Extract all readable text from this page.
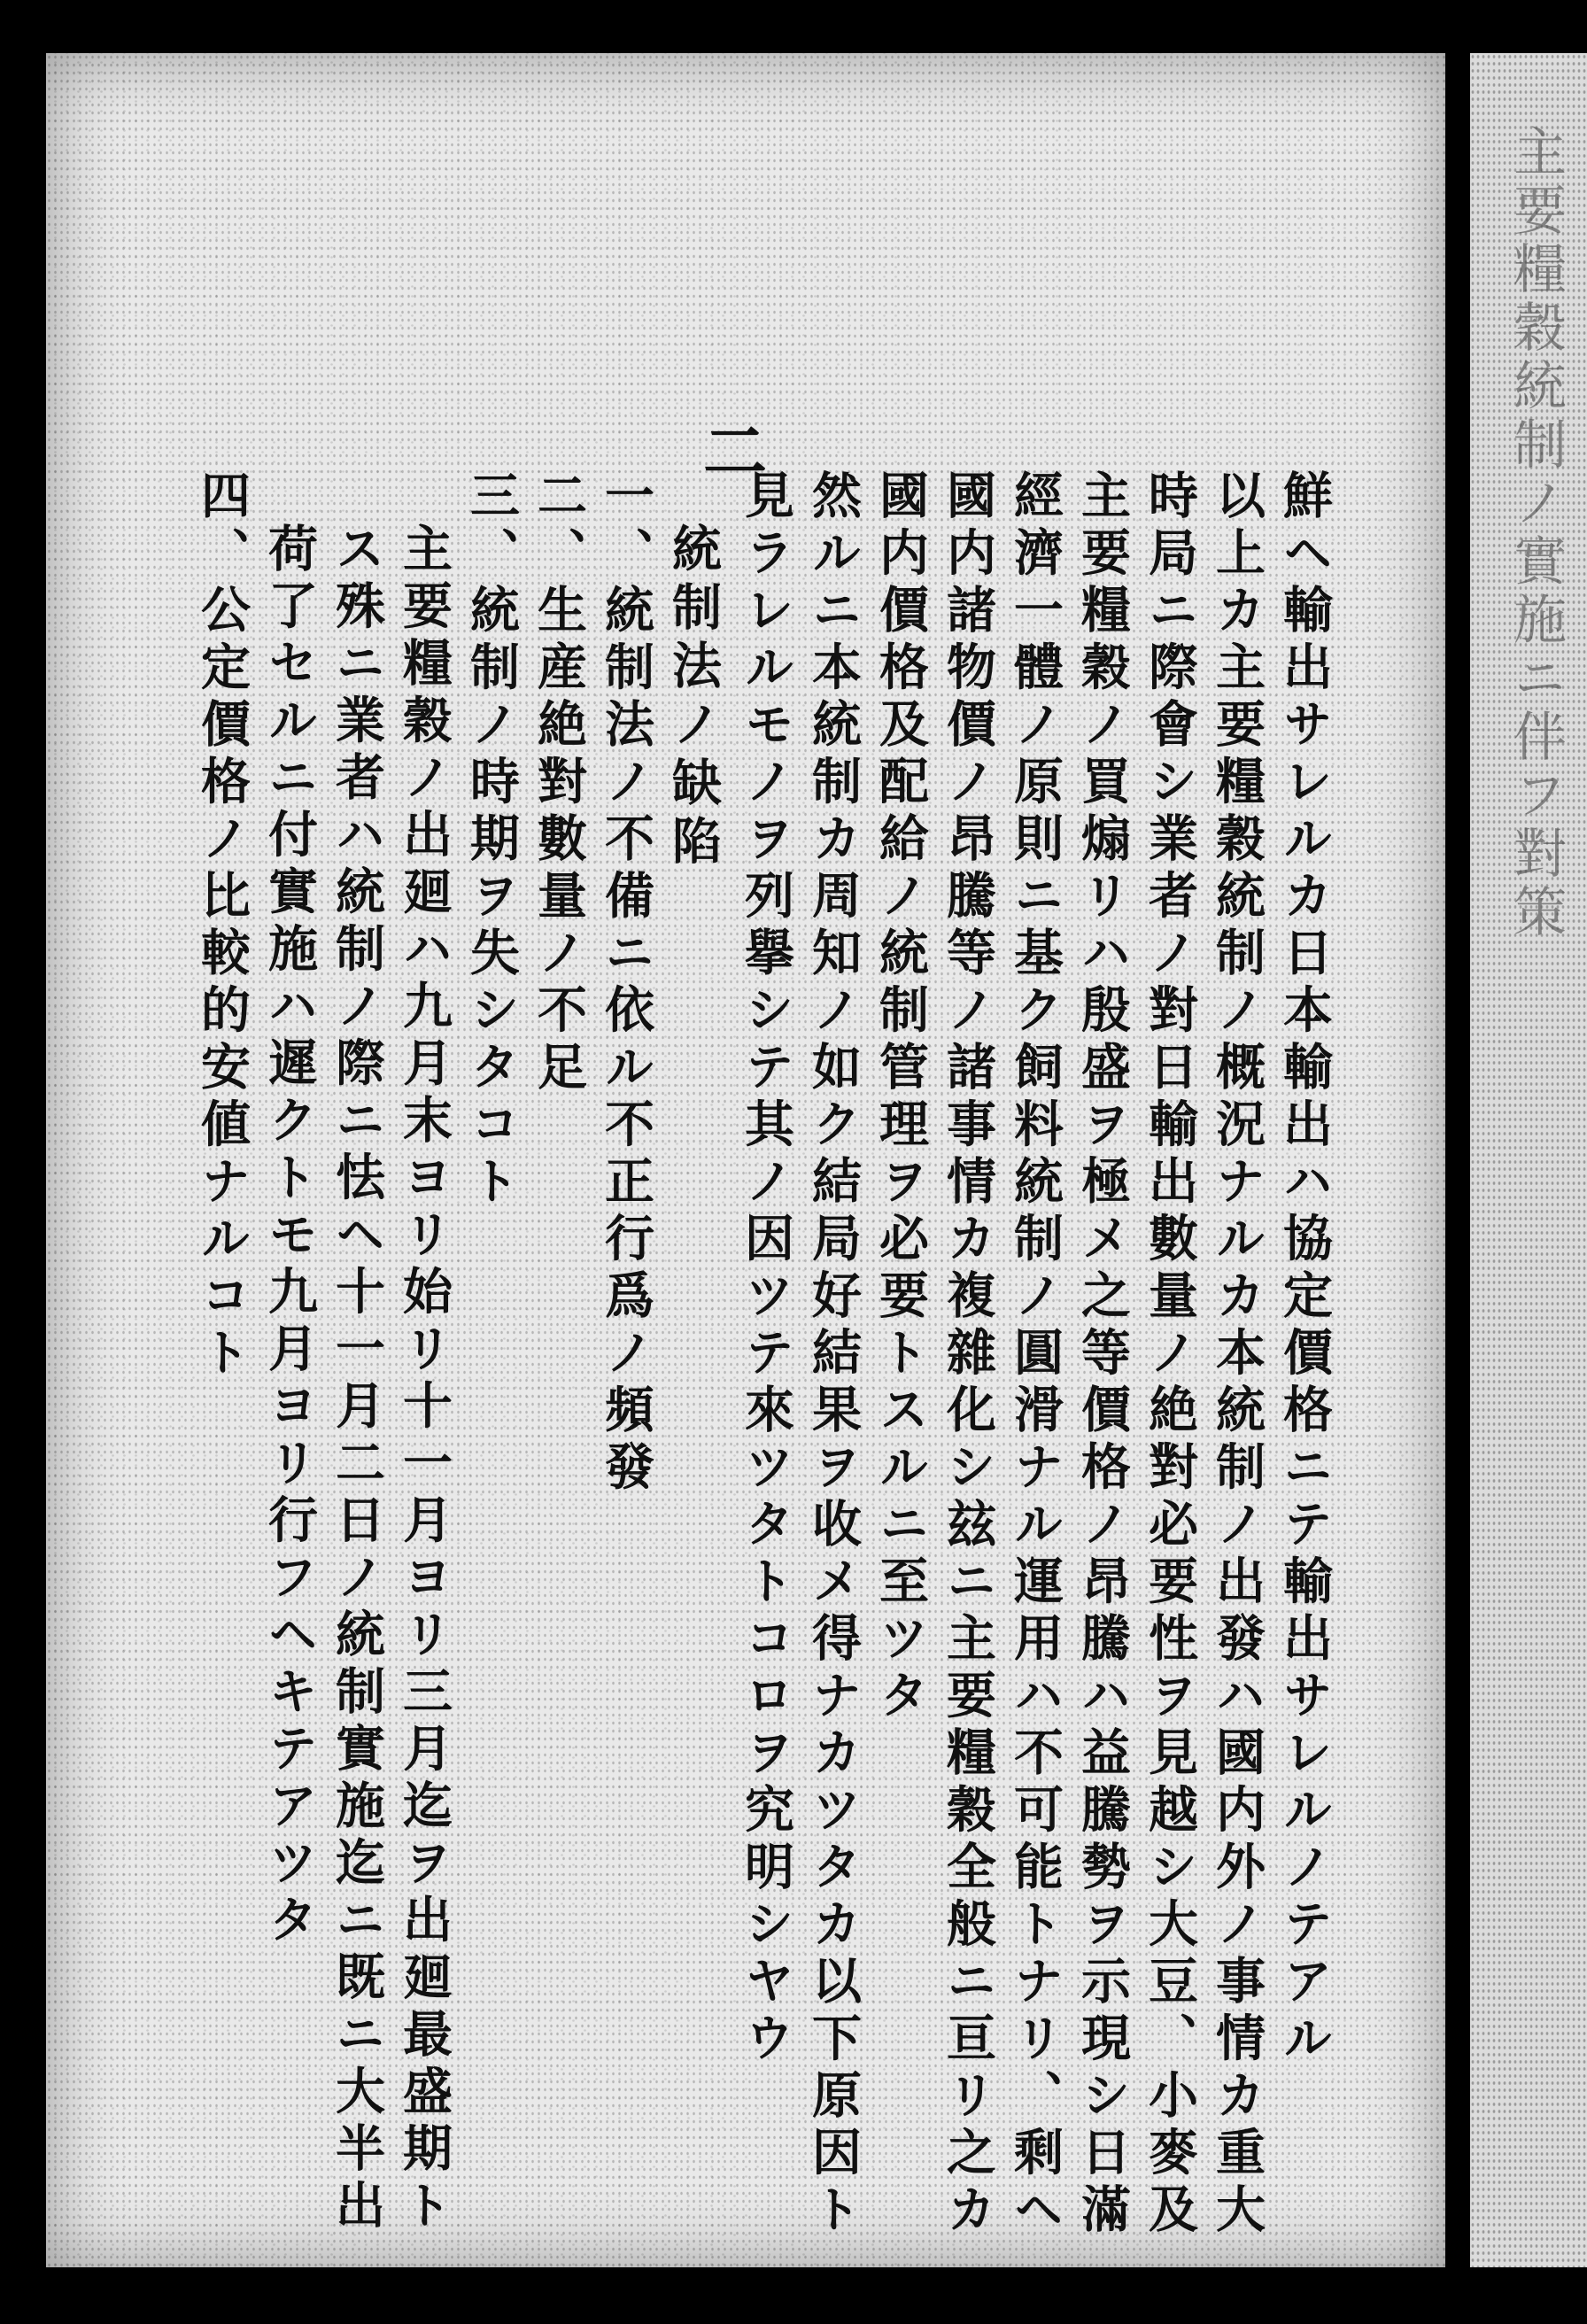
二
鮮ヘ輸出サレルカ日本輸出ハ協定價格ニテ輸出サレルノテアル
以上カ主要糧穀統制ノ概況ナルカ本統制ノ出發ハ國内外ノ事情カ重大
時局ニ際會シ業者ノ對日輸出數量ノ絶對必要性ヲ見越シ大豆、小麥及
主要糧穀ノ買煽リハ殷盛ヲ極メ之等價格ノ昂騰ハ益騰勢ヲ示現シ日滿
經濟一體ノ原則ニ基ク飼料統制ノ圓滑ナル運用ハ不可能トナリ、剩ヘ
國内諸物價ノ昂騰等ノ諸事情カ複雜化シ玆ニ主要糧穀全般ニ亘リ之カ
國内價格及配給ノ統制管理ヲ必要トスルニ至ツタ
然ルニ本統制カ周知ノ如ク結局好結果ヲ收メ得ナカツタカ以下原因ト
見ラレルモノヲ列擧シテ其ノ因ツテ來ツタトコロヲ究明シヤウ
統制法ノ缺陷
一、統制法ノ不備ニ依ル不正行爲ノ頻發
二、生産絶對數量ノ不足
三、統制ノ時期ヲ失シタコト
主要糧穀ノ出廻ハ九月末ヨリ始リ十一月ヨリ三月迄ヲ出廻最盛期ト
ス殊ニ業者ハ統制ノ際ニ怯ヘ十一月二日ノ統制實施迄ニ既ニ大半出
荷了セルニ付實施ハ遲クトモ九月ヨリ行フヘキテアツタ
四、公定價格ノ比較的安値ナルコト	主要糧穀統制ノ實施ニ伴フ對策
